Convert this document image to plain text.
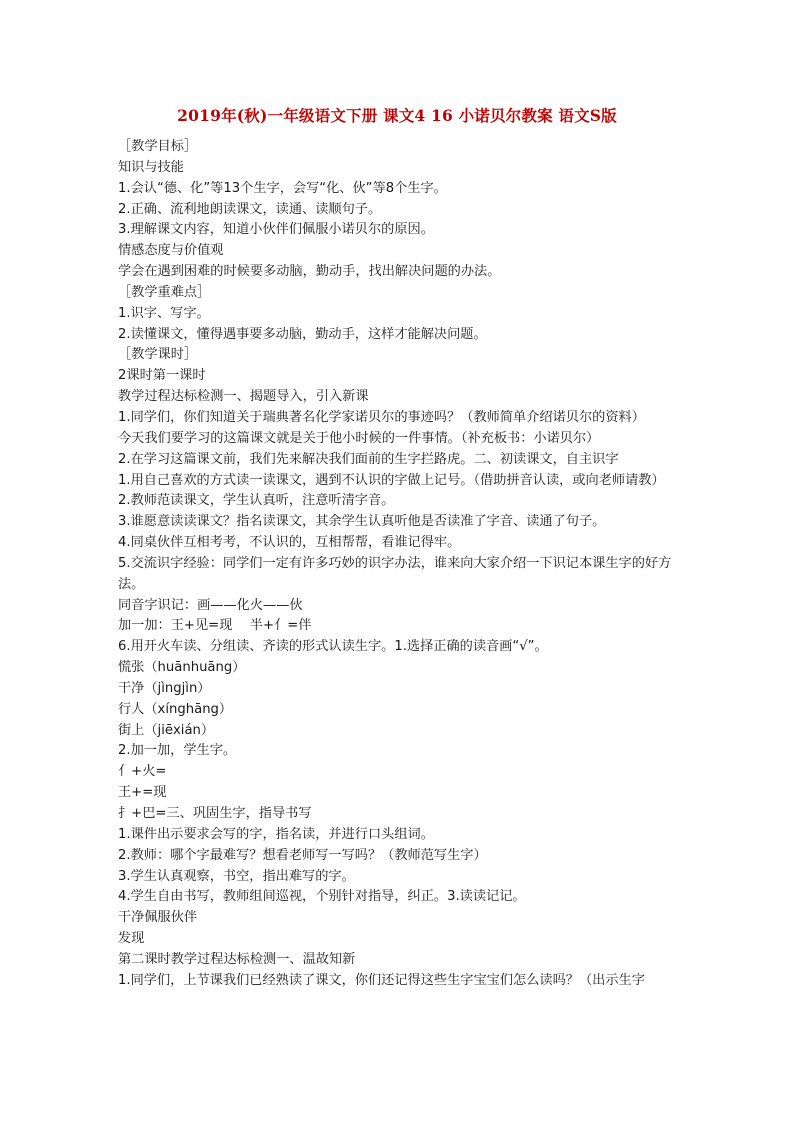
2019年(秋)一年级语文下册 课文4 16 小诺贝尔教案 语文S版
［教学目标］
知识与技能
1.会认“德、化”等13个生字，会写“化、伙”等8个生字。
2.正确、流利地朗读课文，读通、读顺句子。
3.理解课文内容，知道小伙伴们佩服小诺贝尔的原因。
情感态度与价值观
学会在遇到困难的时候要多动脑，勤动手，找出解决问题的办法。
［教学重难点］
1.识字、写字。
2.读懂课文，懂得遇事要多动脑，勤动手，这样才能解决问题。
［教学课时］
2课时第一课时
教学过程达标检测一、揭题导入，引入新课
1.同学们，你们知道关于瑞典著名化学家诺贝尔的事迹吗？（教师简单介绍诺贝尔的资料）
今天我们要学习的这篇课文就是关于他小时候的一件事情。（补充板书：小诺贝尔）
2.在学习这篇课文前，我们先来解决我们面前的生字拦路虎。二、初读课文，自主识字
1.用自己喜欢的方式读一读课文，遇到不认识的字做上记号。（借助拼音认读，或向老师请教）
2.教师范读课文，学生认真听，注意听清字音。
3.谁愿意读读课文？指名读课文，其余学生认真听他是否读准了字音、读通了句子。
4.同桌伙伴互相考考，不认识的，互相帮帮，看谁记得牢。
5.交流识字经验：同学们一定有许多巧妙的识字办法，谁来向大家介绍一下识记本课生字的好方法。
同音字识记：画——化火——伙
加一加：王+见=现　 半+亻=伴
6.用开火车读、分组读、齐读的形式认读生字。1.选择正确的读音画“√”。
慌张（huānhuāng）
干净（jìngjìn）
行人（xínghāng）
街上（jiēxián）
2.加一加，学生字。
亻+火=
王+=现
扌+巴=三、巩固生字，指导书写
1.课件出示要求会写的字，指名读，并进行口头组词。
2.教师：哪个字最难写？想看老师写一写吗？（教师范写生字）
3.学生认真观察，书空，指出难写的字。
4.学生自由书写，教师组间巡视，个别针对指导，纠正。3.读读记记。
干净佩服伙伴
发现
第二课时教学过程达标检测一、温故知新
1.同学们，上节课我们已经熟读了课文，你们还记得这些生字宝宝们怎么读吗？（出示生字
